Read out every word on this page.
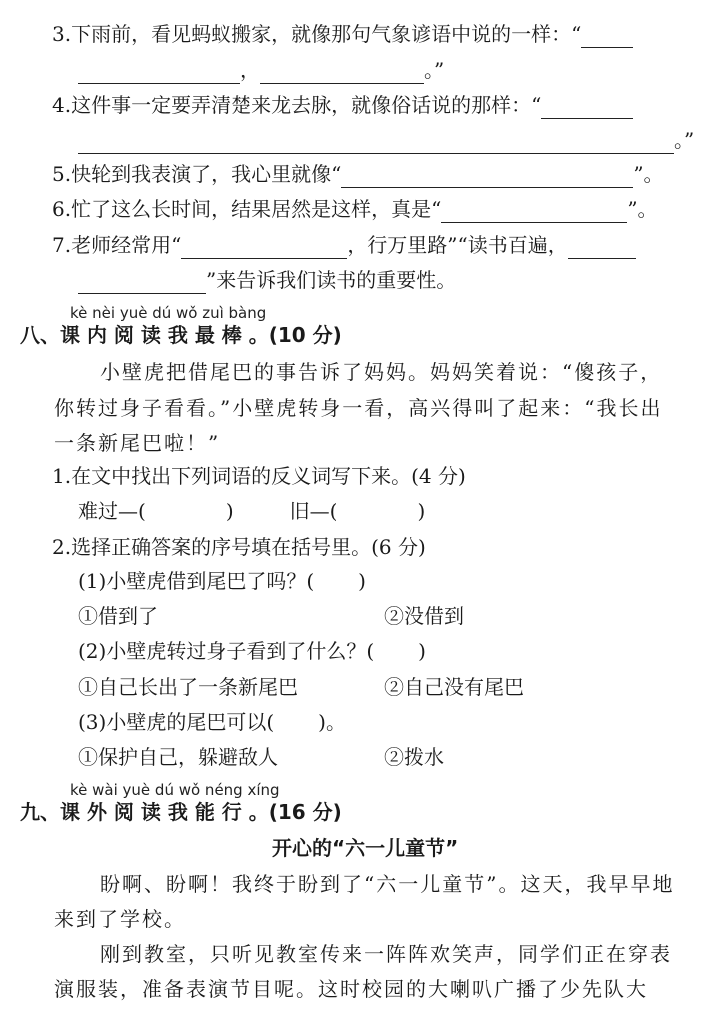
3.下雨前，看见蚂蚁搬家，就像那句气象谚语中说的一样：“
，	。”
4.这件事一定要弄清楚来龙去脉，就像俗话说的那样：“
。”
5.快轮到我表演了，我心里就像“	”。
6.忙了这么长时间，结果居然是这样，真是“	”。
7.老师经常用“	，行万里路”“读书百遍，
”来告诉我们读书的重要性。
kè nèi yuè dú wǒ zuì bàng
八、课 内 阅 读 我 最 棒 。(10 分)
小壁虎把借尾巴的事告诉了妈妈。妈妈笑着说：“傻孩子，
你转过身子看看。”小壁虎转身一看，高兴得叫了起来：“我长出
一条新尾巴啦！”
1.在文中找出下列词语的反义词写下来。(4 分)
难过—(	)	旧—(	)
2.选择正确答案的序号填在括号里。(6 分)
(1)小壁虎借到尾巴了吗？( )
①借到了	②没借到
(2)小壁虎转过身子看到了什么？( )
①自己长出了一条新尾巴	②自己没有尾巴
(3)小壁虎的尾巴可以( )。
①保护自己，躲避敌人	②拨水
kè wài yuè dú wǒ néng xíng
九、课 外 阅 读 我 能 行 。(16 分)
开心的“六一儿童节”
盼啊、盼啊！我终于盼到了“六一儿童节”。这天，我早早地
来到了学校。
刚到教室，只听见教室传来一阵阵欢笑声，同学们正在穿表
演服装，准备表演节目呢。这时校园的大喇叭广播了少先队大
